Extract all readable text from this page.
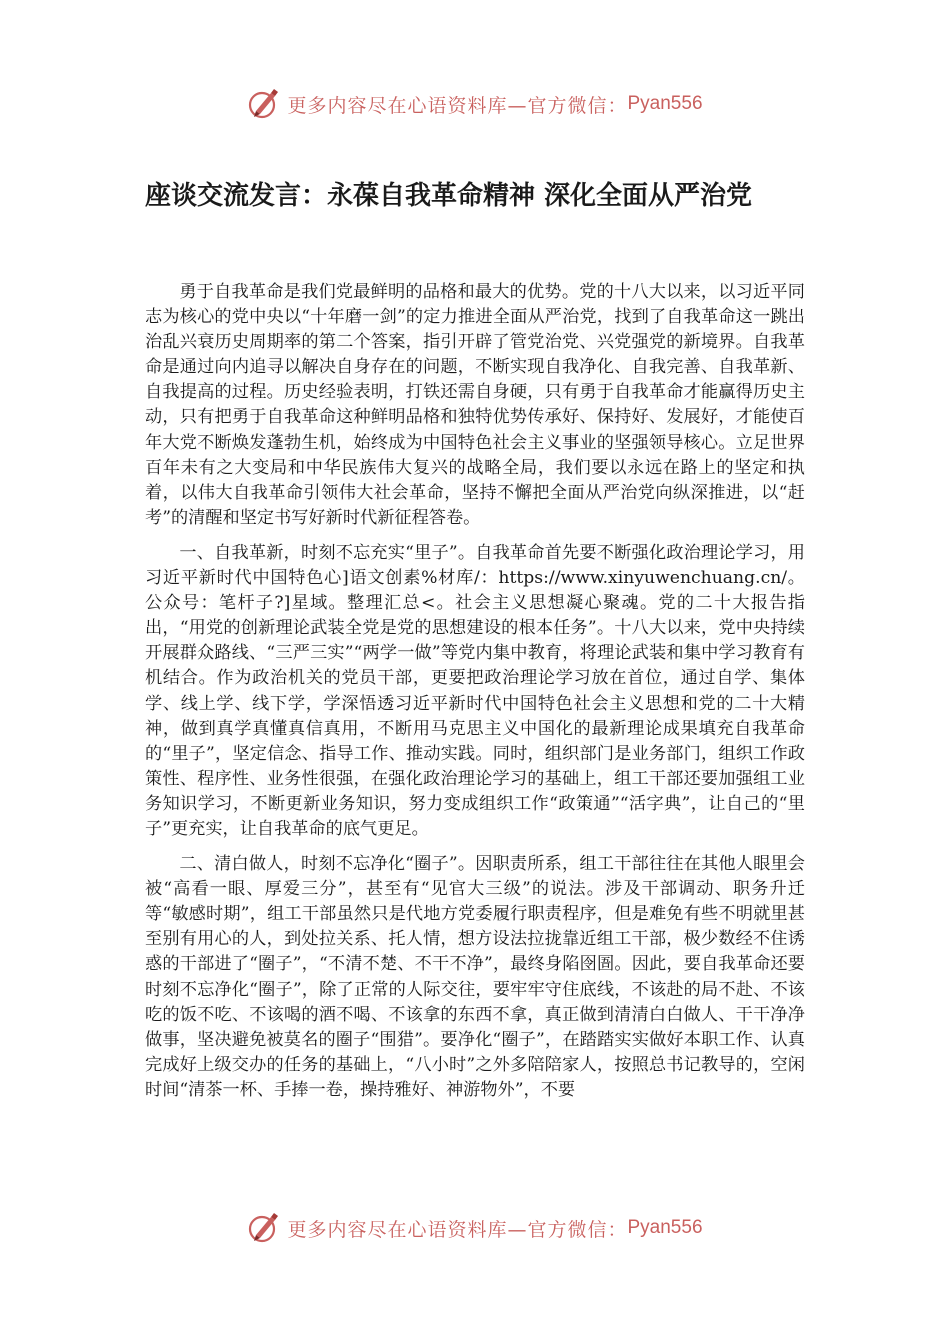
更多内容尽在心语资料库—官方微信： Pyan556
座谈交流发言：永葆自我革命精神 深化全面从严治党

勇于自我革命是我们党最鲜明的品格和最大的优势。党的十八大以来，以习近平同志为核心的党中央以“十年磨一剑”的定力推进全面从严治党，找到了自我革命这一跳出治乱兴衰历史周期率的第二个答案，指引开辟了管党治党、兴党强党的新境界。自我革命是通过向内追寻以解决自身存在的问题，不断实现自我净化、自我完善、自我革新、自我提高的过程。历史经验表明，打铁还需自身硬，只有勇于自我革命才能赢得历史主动，只有把勇于自我革命这种鲜明品格和独特优势传承好、保持好、发展好，才能使百年大党不断焕发蓬勃生机，始终成为中国特色社会主义事业的坚强领导核心。立足世界百年未有之大变局和中华民族伟大复兴的战略全局，我们要以永远在路上的坚定和执着，以伟大自我革命引领伟大社会革命，坚持不懈把全面从严治党向纵深推进，以“赶考”的清醒和坚定书写好新时代新征程答卷。

一、自我革新，时刻不忘充实“里子”。自我革命首先要不断强化政治理论学习，用习近平新时代中国特色心]语文创素%材库/：https://www.xinyuwenchuang.cn/。公众号：笔杆子?]星域。整理汇总<。社会主义思想凝心聚魂。党的二十大报告指出，“用党的创新理论武装全党是党的思想建设的根本任务”。十八大以来，党中央持续开展群众路线、“三严三实”“两学一做”等党内集中教育，将理论武装和集中学习教育有机结合。作为政治机关的党员干部，更要把政治理论学习放在首位，通过自学、集体学、线上学、线下学，学深悟透习近平新时代中国特色社会主义思想和党的二十大精神，做到真学真懂真信真用，不断用马克思主义中国化的最新理论成果填充自我革命的“里子”，坚定信念、指导工作、推动实践。同时，组织部门是业务部门，组织工作政策性、程序性、业务性很强，在强化政治理论学习的基础上，组工干部还要加强组工业务知识学习，不断更新业务知识，努力变成组织工作“政策通”“活字典”，让自己的“里子”更充实，让自我革命的底气更足。

二、清白做人，时刻不忘净化“圈子”。因职责所系，组工干部往往在其他人眼里会被“高看一眼、厚爱三分”，甚至有“见官大三级”的说法。涉及干部调动、职务升迁等“敏感时期”，组工干部虽然只是代地方党委履行职责程序，但是难免有些不明就里甚至别有用心的人，到处拉关系、托人情，想方设法拉拢靠近组工干部，极少数经不住诱惑的干部进了“圈子”，“不清不楚、不干不净”，最终身陷囹圄。因此，要自我革命还要时刻不忘净化“圈子”，除了正常的人际交往，要牢牢守住底线，不该赴的局不赴、不该吃的饭不吃、不该喝的酒不喝、不该拿的东西不拿，真正做到清清白白做人、干干净净做事，坚决避免被莫名的圈子“围猎”。要净化“圈子”，在踏踏实实做好本职工作、认真完成好上级交办的任务的基础上，“八小时”之外多陪陪家人，按照总书记教导的，空闲时间“清茶一杯、手捧一卷，操持雅好、神游物外”，不要

更多内容尽在心语资料库—官方微信： Pyan556
